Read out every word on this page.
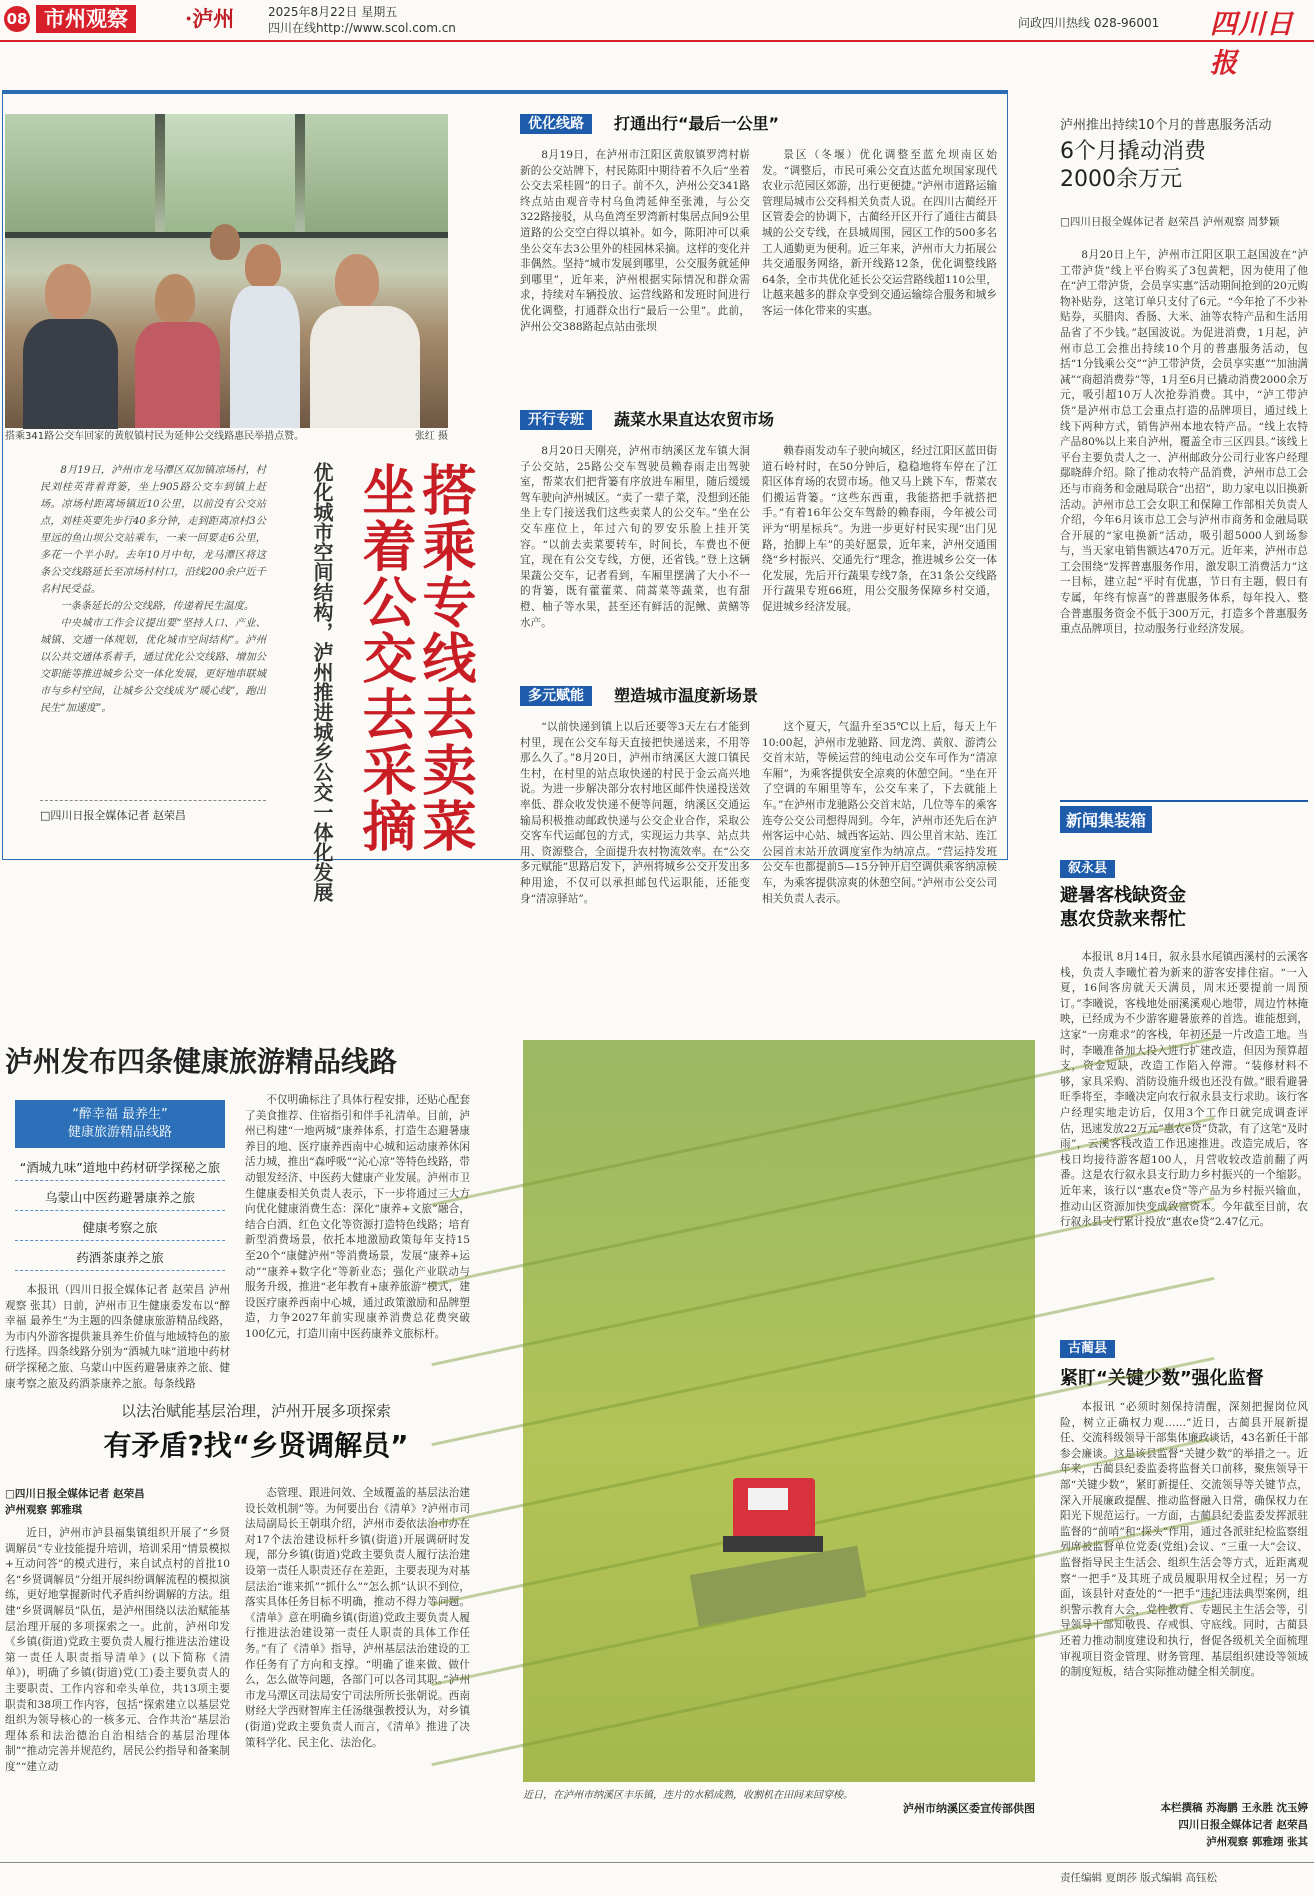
08 市州观察	·泸州	2025年8月22日 星期五
四川在线http://www.scol.com.cn	问政四川热线 028-96001 四川日报
搭乘341路公交车回家的黄舣镇村民为延伸公交线路惠民举措点赞。	张红 摄
搭乘专线去卖菜
坐着公交去采摘
优化城市空间结构，泸州推进城乡公交一体化发展

8月19日，泸州市龙马潭区双加镇凉场村，村民刘桂英背着背篓，坐上905路公交车到镇上赶场。凉场村距离场镇近10公里，以前没有公交站点，刘桂英要先步行40多分钟，走到距离凉村3公里远的鱼山坝公交站乘车，一来一回要走6公里，多花一个半小时。去年10月中旬，龙马潭区将这条公交线路延长至凉场村村口，沿线200余户近千名村民受益。

一条条延长的公交线路，传递着民生温度。

中央城市工作会议提出要“坚持人口、产业、城镇、交通一体规划，优化城市空间结构”。泸州以公共交通体系着手，通过优化公交线路、增加公交职能等推进城乡公交一体化发展，更好地串联城市与乡村空间，让城乡公交线成为“暖心线”，跑出民生“加速度”。

□四川日报全媒体记者 赵荣昌
优化线路	打通出行“最后一公里”
8月19日，在泸州市江阳区黄舣镇罗湾村崭新的公交站牌下，村民陈阳中期待着不久后“坐着公交去采桂圆”的日子。前不久，泸州公交341路终点站由观音寺村乌鱼湾延伸至张滩，与公交322路接驳，从乌鱼湾至罗湾新村集居点间9公里道路的公交空白得以填补。如今，陈阳冲可以乘坐公交车去3公里外的桂园林采摘。这样的变化并非偶然。坚持“城市发展到哪里，公交服务就延伸到哪里”，近年来，泸州根据实际情况和群众需求，持续对车辆投放、运营线路和发班时间进行优化调整，打通群众出行“最后一公里”。此前，泸州公交388路起点站由张坝
景区（冬堰）优化调整至蓝允坝南区始发。“调整后，市民可乘公交直达蓝允坝国家现代农业示范园区郊游，出行更便捷。”泸州市道路运输管理局城市公交科相关负责人说。在四川古蔺经开区管委会的协调下，古蔺经开区开行了通往古蔺县城的公交专线，在县城周围，园区工作的500多名工人通勤更为便利。近三年来，泸州市大力拓展公共交通服务网络，新开线路12条，优化调整线路64条，全市共优化延长公交运营路线超110公里，让越来越多的群众享受到交通运输综合服务和城乡客运一体化带来的实惠。
开行专班	蔬菜水果直达农贸市场
8月20日天刚亮，泸州市纳溪区龙车镇大洞子公交站，25路公交车驾驶员赖春雨走出驾驶室，帮菜农们把背篓有序放进车厢里，随后缓缓驾车驶向泸州城区。“卖了一辈子菜，没想到还能坐上专门接送我们这些卖菜人的公交车。”坐在公交车座位上，年过六旬的罗安乐脸上挂开笑容。“以前去卖菜要转车，时间长，车费也不便宜，现在有公交专线，方便，还省钱。”登上这辆果蔬公交车，记者看到，车厢里摆满了大小不一的背篓，既有藿藿菜、茼蒿菜等蔬菜，也有甜橙、柚子等水果，甚至还有鲜活的泥鳅、黄鳝等水产。
赖春雨发动车子驶向城区，经过江阳区蓝田街道石岭村时，在50分钟后，稳稳地将车停在了江阳区体育场的农贸市场。他又马上跳下车，帮菜农们搬运背篓。“这些东西重，我能搭把手就搭把手。”有着16年公交车驾龄的赖春雨，今年被公司评为“明星标兵”。为进一步更好村民实现“出门见路，抬脚上车”的美好愿景，近年来，泸州交通围绕“乡村振兴、交通先行”理念，推进城乡公交一体化发展，先后开行蔬果专线7条，在31条公交线路开行蔬果专班66班，用公交服务保障乡村交通，促进城乡经济发展。
多元赋能	塑造城市温度新场景
“以前快递到镇上以后还要等3天左右才能到村里，现在公交车每天直接把快递送来，不用等那么久了。”8月20日，泸州市纳溪区大渡口镇民生村，在村里的站点取快递的村民于金云高兴地说。为进一步解决部分农村地区邮件快递投送效率低、群众收发快递不便等问题，纳溪区交通运输局积极推动邮政快递与公交企业合作，采取公交客车代运邮包的方式，实现运力共享、站点共用、资源整合，全面提升农村物流效率。在“公交多元赋能”思路启发下，泸州将城乡公交开发出多种用途，不仅可以承担邮包代运职能，还能变身“清凉驿站”。
这个夏天，气温升至35℃以上后，每天上午10:00起，泸州市龙驰路、回龙湾、黄舣、游湾公交首末站，等候运营的纯电动公交车可作为“清凉车厢”，为乘客提供安全凉爽的休憩空间。“坐在开了空调的车厢里等车，公交车来了，下去就能上车。”在泸州市龙驰路公交首末站，几位等车的乘客连夸公交公司想得周到。今年，泸州市还先后在泸州客运中心站、城西客运站、四公里首末站、连江公园首末站开放调度室作为纳凉点。“营运持发班公交车也都提前5—15分钟开启空调供乘客纳凉候车，为乘客提供凉爽的休憩空间。”泸州市公交公司相关负责人表示。
泸州推出持续10个月的普惠服务活动
6个月撬动消费
2000余万元
□四川日报全媒体记者 赵荣昌 泸州观察 周梦颖
8月20日上午，泸州市江阳区职工赵国波在“泸工带泸货”线上平台购买了3包黄粑，因为使用了他在“泸工带泸货，会员享实惠”活动期间抢到的20元购物补贴券，这笔订单只支付了6元。“今年抢了不少补贴券，买腊肉、香肠、大米、油等农特产品和生活用品省了不少钱。”赵国波说。为促进消费，1月起，泸州市总工会推出持续10个月的普惠服务活动，包括“1分钱乘公交”“泸工带泸货，会员享实惠”“加油满减”“商超消费券”等，1月至6月已撬动消费2000余万元，吸引超10万人次抢券消费。其中，“泸工带泸货”是泸州市总工会重点打造的品牌项目，通过线上线下两种方式，销售泸州本地农特产品。“线上农特产品80%以上来自泸州，覆盖全市三区四县。”该线上平台主要负责人之一、泸州邮政分公司行业客户经理鄢晓薛介绍。除了推动农特产品消费，泸州市总工会还与市商务和金融局联合“出招”，助力家电以旧换新活动。泸州市总工会女职工和保障工作部相关负责人介绍，今年6月该市总工会与泸州市商务和金融局联合开展的“家电换新”活动，吸引超5000人到场参与，当天家电销售额达470万元。近年来，泸州市总工会围绕“发挥普惠服务作用，激发职工消费活力”这一目标，建立起“平时有优惠，节日有主题，假日有专属，年终有惊喜”的普惠服务体系，每年投入、整合普惠服务资金不低于300万元，打造多个普惠服务重点品牌项目，拉动服务行业经济发展。
新闻集装箱
叙永县
避暑客栈缺资金
惠农贷款来帮忙
本报讯 8月14日，叙永县水尾镇西溪村的云溪客栈，负责人李曦忙着为新来的游客安排住宿。“一入夏，16间客房就天天满员，周末还要提前一周预订。”李曦说，客栈地处丽溪溪观心地带，周边竹林掩映，已经成为不少游客避暑旅养的首选。谁能想到，这家“一房难求”的客栈，年初还是一片改造工地。当时，李曦准备加大投入进行扩建改造，但因为预算超支，资金短缺，改造工作陷入停滞。“装修材料不够，家具采购、消防设施升级也还没有做。”眼看避暑旺季将至，李曦决定向农行叙永县支行求助。该行客户经理实地走访后，仅用3个工作日就完成调查评估，迅速发放22万元“惠农e贷”贷款，有了这笔“及时雨”，云溪客栈改造工作迅速推进。改造完成后，客栈日均接待游客超100人，月营收较改造前翻了两番。这是农行叙永县支行助力乡村振兴的一个缩影。近年来，该行以“惠农e贷”等产品为乡村振兴输血，推动山区资源加快变成致富资本。今年截至目前，农行叙永县支行累计投放“惠农e贷”2.47亿元。
古蔺县
紧盯“关键少数”强化监督
本报讯 “必须时刻保持清醒，深刻把握岗位风险，树立正确权力观……”近日，古蔺县开展新提任、交流科级领导干部集体廉政谈话，43名新任干部参会廉谈。这是该县监督“关键少数”的举措之一。近年来，古蔺县纪委监委将监督关口前移，聚焦领导干部“关键少数”，紧盯新提任、交流领导等关键节点，深入开展廉政提醒、推动监督融入日常，确保权力在阳光下规范运行。一方面，古蔺县纪委监委发挥派驻监督的“前哨”和“探头”作用，通过各派驻纪检监察组列席被监督单位党委(党组)会议、“三重一大”会议、监督指导民主生活会、组织生活会等方式，近距离观察“一把手”及其班子成员履职用权全过程；另一方面，该县针对查处的“一把手”违纪违法典型案例，组织警示教育大会，党性教育、专题民主生活会等，引导领导干部知敬畏、存戒惧、守底线。同时，古蔺县还着力推动制度建设和执行，督促各级机关全面梳理审视项目资金管理、财务管理、基层组织建设等领域的制度短板，结合实际推动健全相关制度。
本栏撰稿 苏海鹏 王永胜 沈玉婷
四川日报全媒体记者 赵荣昌
泸州观察 郭雅翊 张其
泸州发布四条健康旅游精品线路
“醉幸福 最养生”
健康旅游精品线路
“酒城九味”道地中药材研学探秘之旅
乌蒙山中医药避暑康养之旅
健康考察之旅
药酒茶康养之旅
本报讯（四川日报全媒体记者 赵荣昌 泸州观察 张其）日前，泸州市卫生健康委发布以“醉幸福 最养生”为主题的四条健康旅游精品线路，为市内外游客提供兼具养生价值与地域特色的旅行选择。四条线路分别为“酒城九味”道地中药材研学探秘之旅、乌蒙山中医药避暑康养之旅、健康考察之旅及药酒茶康养之旅。每条线路
不仅明确标注了具体行程安排，还贴心配套了美食推荐、住宿指引和伴手礼清单。目前，泸州已构建“一地两城”康养体系，打造生态避暑康养目的地、医疗康养西南中心城和运动康养休闲活力城，推出“森呼吸”“沁心凉”等特色线路，带动银发经济、中医药大健康产业发展。泸州市卫生健康委相关负责人表示，下一步将通过三大方向优化健康消费生态：深化“康养+文旅”融合，结合白酒、红色文化等资源打造特色线路；培育新型消费场景，依托本地激励政策每年支持15至20个“康健泸州”等消费场景，发展“康养+运动”“康养+数字化”等新业态；强化产业联动与服务升级，推进“老年教育+康养旅游”模式，建设医疗康养西南中心城，通过政策激励和品牌塑造，力争2027年前实现康养消费总花费突破100亿元，打造川南中医药康养文旅标杆。
以法治赋能基层治理，泸州开展多项探索
有矛盾?找“乡贤调解员”
□四川日报全媒体记者 赵荣昌
泸州观察 郭雅琪
近日，泸州市泸县福集镇组织开展了“乡贤调解员”专业技能提升培训，培训采用“情景模拟+互动问答”的模式进行，来自试点村的首批10名“乡贤调解员”分组开展纠纷调解流程的模拟演练，更好地掌握新时代矛盾纠纷调解的方法。组建“乡贤调解员”队伍，是泸州围绕以法治赋能基层治理开展的多项探索之一。此前，泸州印发《乡镇(街道)党政主要负责人履行推进法治建设第一责任人职责指导清单》(以下简称《清单》)，明确了乡镇(街道)党(工)委主要负责人的主要职责、工作内容和牵头单位，共13项主要职责和38项工作内容，包括“探索建立以基层党组织为领导核心的一核多元、合作共治”基层治理体系和法治德治自治相结合的基层治理体制”“推动完善并规范约，居民公约指导和备案制度”“建立动
态管理、跟进问效、全域覆盖的基层法治建设长效机制”等。为何要出台《清单》?泸州市司法局副局长王朝琪介绍，泸州市委依法治市办在对17个法治建设标杆乡镇(街道)开展调研时发现，部分乡镇(街道)党政主要负责人履行法治建设第一责任人职责还存在差距，主要表现为对基层法治“谁来抓”“抓什么”“怎么抓”认识不到位，落实具体任务目标不明确，推动不得力等问题。《清单》意在明确乡镇(街道)党政主要负责人履行推进法治建设第一责任人职责的具体工作任务。”有了《清单》指导，泸州基层法治建设的工作任务有了方向和支撑。“明确了谁来做、做什么，怎么做等问题，各部门可以各司其职。”泸州市龙马潭区司法局安宁司法所所长张朝说。西南财经大学西财智库主任汤继强教授认为，对乡镇(街道)党政主要负责人而言，《清单》推进了决策科学化、民主化、法治化。
近日，在泸州市纳溪区丰乐镇，连片的水稻成熟，收割机在田间来回穿梭。
泸州市纳溪区委宣传部供图
责任编辑 夏朗莎 版式编辑 高钰松
